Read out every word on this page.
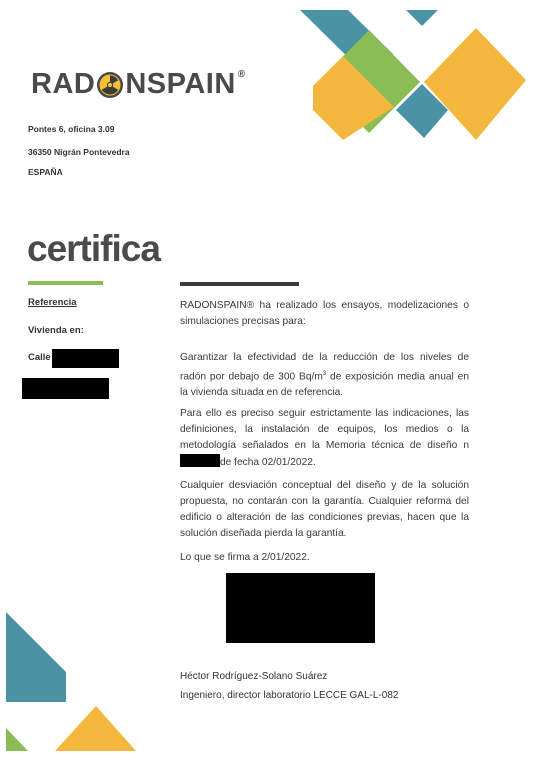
RAD NSPAIN®
Pontes 6, oficina 3.09
36350 Nigrán Pontevedra
ESPAÑA
certifica
Referencia
Vivienda en:
Calle
RADONSPAIN® ha realizado los ensayos, modelizaciones o simulaciones precisas para:
Garantizar la efectividad de la reducción de los niveles de radón por debajo de 300 $Bq/m^3$ de exposición media anual en la vivienda situada en de referencia.
Para ello es preciso seguir estrictamente las indicaciones, las definiciones, la instalación de equipos, los medios o la metodología señalados en la Memoria técnica de diseño nde fecha 02/01/2022.
Cualquier desviación conceptual del diseño y de la solución propuesta, no contarán con la garantía. Cualquier reforma del edificio o alteración de las condiciones previas, hacen que la solución diseñada pierda la garantía.
Lo que se firma a 2/01/2022.
Héctor Rodríguez-Solano Suárez
Ingeniero, director laboratorio LECCE GAL-L-082
